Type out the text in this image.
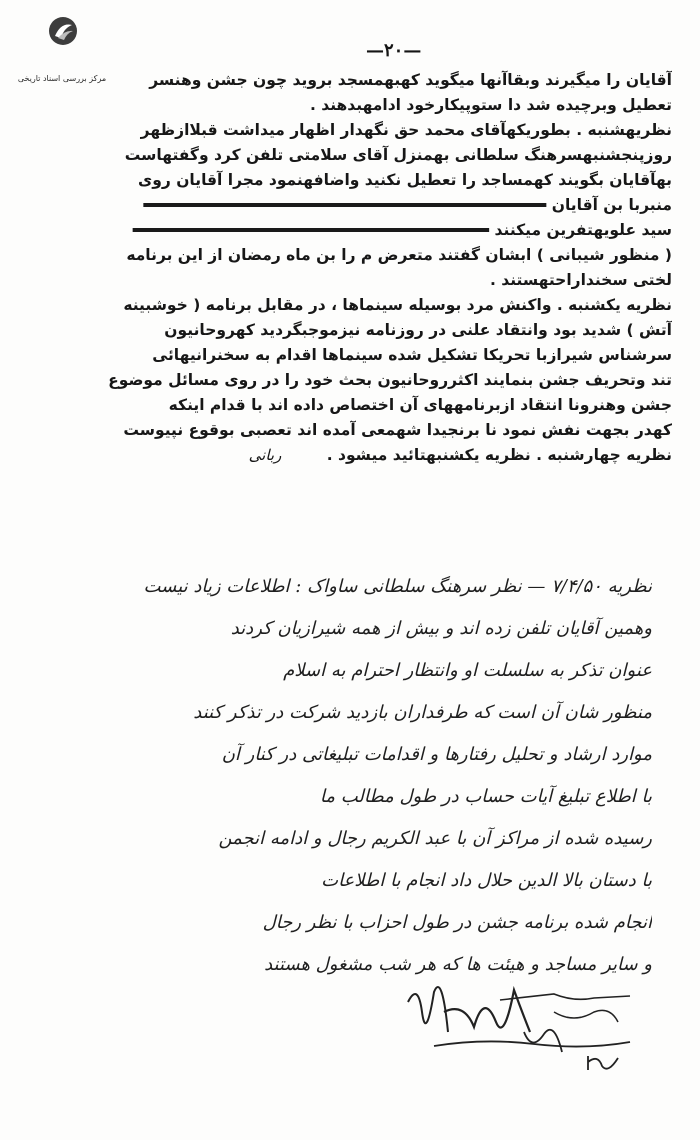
مرکز بررسی اسناد تاریخی
—۲۰—
آقایان را میگیرند وبقاآنها میگوید کهبهمسجد بروید چون جشن وهنسر
تعطیل وبرچیده شد دا ستوپیکارخود ادامهبدهند .
نظریهشنبه . بطوریکهآقای محمد حق نگهدار اظهار میداشت قبلاازظهر
روزپنجشنبهسرهنگ سلطانی بهمنزل آقای سلامتی تلفن کرد وگفتهاست
بهآقایان بگویند کهمساجد را تعطیل نکنید واضافهنمود مجرا آقایان روی
منبربا بن آقایان                           
سید علویهتفرین میکنند                        
( منظور شیبانی ) ابشان گفتند متعرض م را بن ماه رمضان از این برنامه
لختی سخنداراحتهستند .
نظریه یکشنبه . واکنش مرد بوسیله سینماها ، در مقابل برنامه ( خوشبینه
آتش ) شدید بود وانتقاد علنی در روزنامه نیزموجبگردید کهروحانیون
سرشناس شیرازبا تحریکا تشکیل شده سینماها اقدام به سخنرانیهائی
تند وتحریف جشن بنمایند اکثرروحانیون بحث خود را در روی مسائل موضوع
جشن وهنرونا انتقاد ازبرنامههای آن اختصاص داده اند با قدام اینکه
کهدر بجهت نفش نمود نا برنجیدا شهمعی آمده اند تعصبی بوقوع نپیوست
نظریه چهارشنبه . نظریه یکشنبهتائید میشود . ربانی
نظریه ۷/۴/۵۰ — نظر سرهنگ سلطانی ساواک : اطلاعات زیاد نیست
وهمین آقایان تلفن زده اند و بیش از همه شیرازیان کردند
عنوان تذکر به سلسلت او وانتظار احترام به اسلام
منظور شان آن است که طرفداران بازدید شرکت در تذکر کنند
موارد ارشاد و تحلیل رفتارها و اقدامات تبلیغاتی در کنار آن
با اطلاع تبلیغ آیات حساب در طول مطالب ما
رسیده شده از مراکز آن با عبد الکریم رجال و ادامه انجمن
با دستان بالا الدین حلال داد انجام با اطلاعات
انجام شده برنامه جشن در طول احزاب با نظر رجال
و سایر مساجد و هیئت ها که هر شب مشغول هستند
